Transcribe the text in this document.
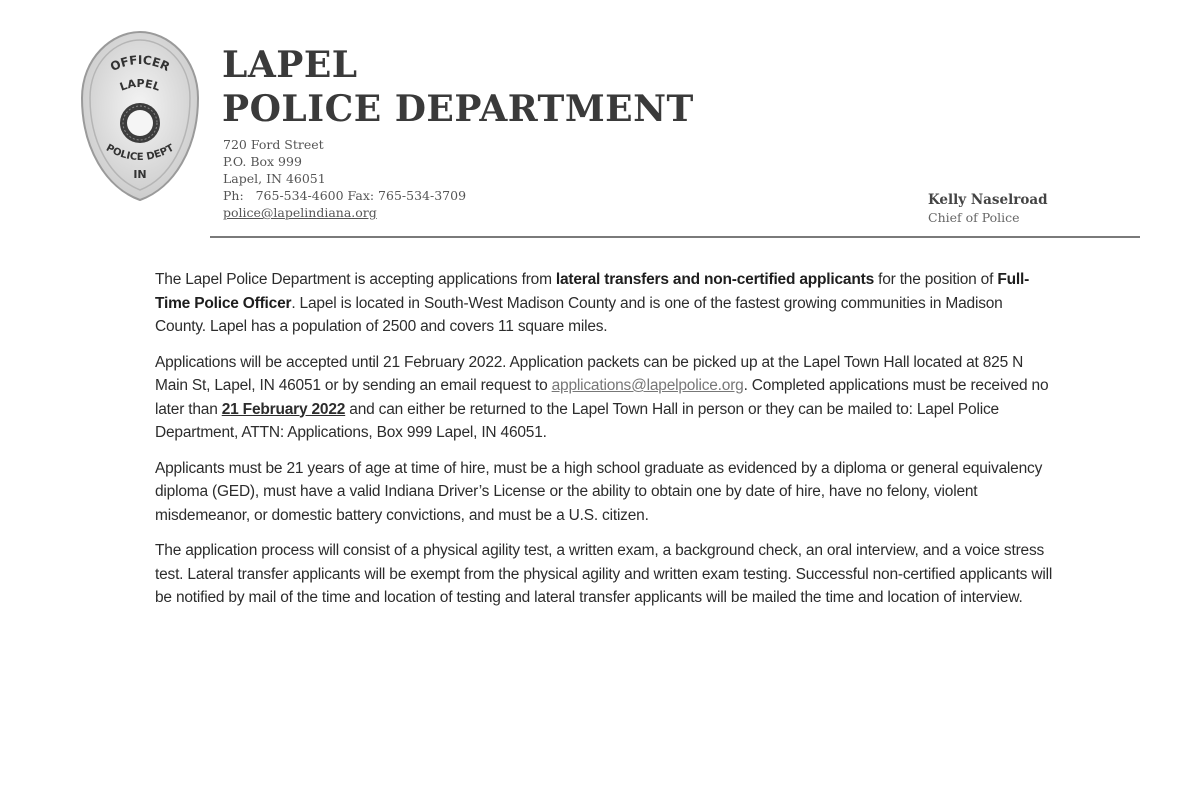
OFFICER
LAPEL
POLICE DEPT
IN
LAPEL
POLICE DEPARTMENT
720 Ford Street
P.O. Box 999
Lapel, IN 46051
Ph:   765-534-4600 Fax: 765-534-3709
police@lapelindiana.org
Kelly Naselroad
Chief of Police

The Lapel Police Department is accepting applications from lateral transfers and non-certified applicants for the position of Full-Time Police Officer. Lapel is located in South-West Madison County and is one of the fastest growing communities in Madison County. Lapel has a population of 2500 and covers 11 square miles.

Applications will be accepted until 21 February 2022. Application packets can be picked up at the Lapel Town Hall located at 825 N Main St, Lapel, IN 46051 or by sending an email request to applications@lapelpolice.org. Completed applications must be received no later than 21 February 2022 and can either be returned to the Lapel Town Hall in person or they can be mailed to: Lapel Police Department, ATTN: Applications, Box 999 Lapel, IN 46051.

Applicants must be 21 years of age at time of hire, must be a high school graduate as evidenced by a diploma or general equivalency diploma (GED), must have a valid Indiana Driver’s License or the ability to obtain one by date of hire, have no felony, violent misdemeanor, or domestic battery convictions, and must be a U.S. citizen.

The application process will consist of a physical agility test, a written exam, a background check, an oral interview, and a voice stress test. Lateral transfer applicants will be exempt from the physical agility and written exam testing. Successful non-certified applicants will be notified by mail of the time and location of testing and lateral transfer applicants will be mailed the time and location of interview.
